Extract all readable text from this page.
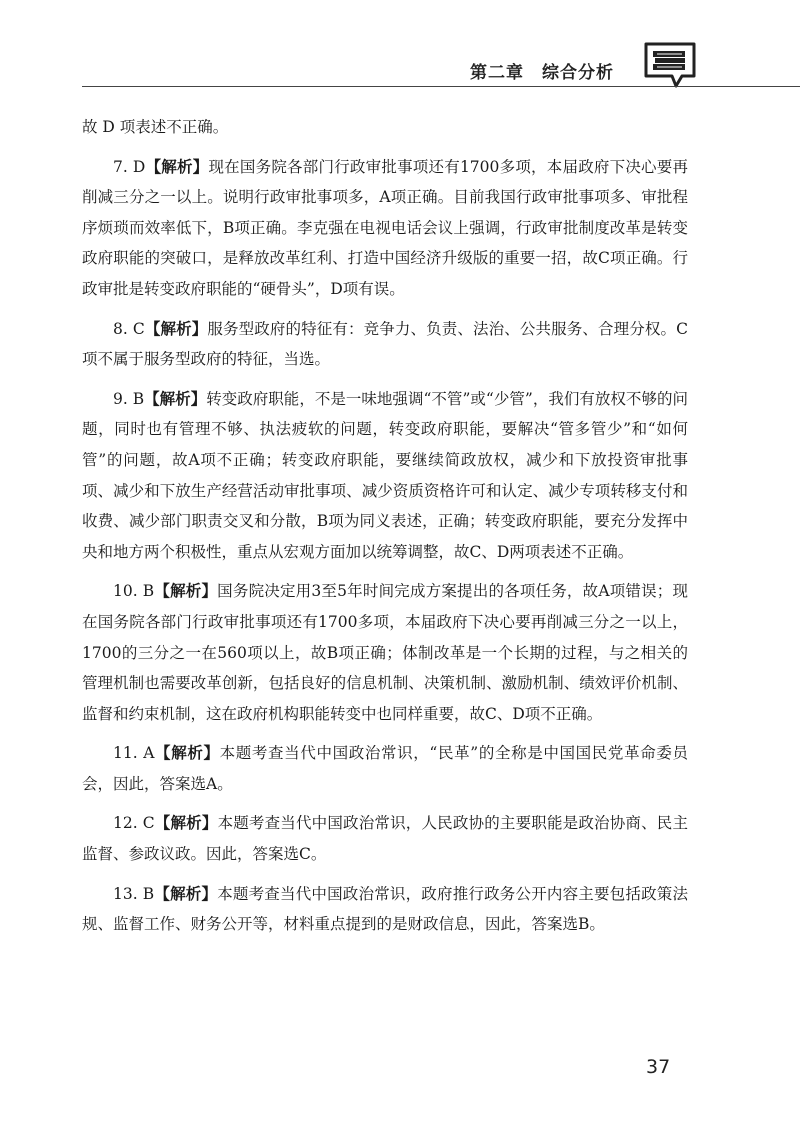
第二章　综合分析

故 D 项表述不正确。

7. D【解析】现在国务院各部门行政审批事项还有1700多项，本届政府下决心要再削减三分之一以上。说明行政审批事项多，A项正确。目前我国行政审批事项多、审批程序烦琐而效率低下，B项正确。李克强在电视电话会议上强调，行政审批制度改革是转变政府职能的突破口，是释放改革红利、打造中国经济升级版的重要一招，故C项正确。行政审批是转变政府职能的“硬骨头”，D项有误。

8. C【解析】服务型政府的特征有：竞争力、负责、法治、公共服务、合理分权。C项不属于服务型政府的特征，当选。

9. B【解析】转变政府职能，不是一味地强调“不管”或“少管”，我们有放权不够的问题，同时也有管理不够、执法疲软的问题，转变政府职能，要解决“管多管少”和“如何管”的问题，故A项不正确；转变政府职能，要继续简政放权，减少和下放投资审批事项、减少和下放生产经营活动审批事项、减少资质资格许可和认定、减少专项转移支付和收费、减少部门职责交叉和分散，B项为同义表述，正确；转变政府职能，要充分发挥中央和地方两个积极性，重点从宏观方面加以统筹调整，故C、D两项表述不正确。

10. B【解析】国务院决定用3至5年时间完成方案提出的各项任务，故A项错误；现在国务院各部门行政审批事项还有1700多项，本届政府下决心要再削减三分之一以上，1700的三分之一在560项以上，故B项正确；体制改革是一个长期的过程，与之相关的管理机制也需要改革创新，包括良好的信息机制、决策机制、激励机制、绩效评价机制、监督和约束机制，这在政府机构职能转变中也同样重要，故C、D项不正确。

11. A【解析】本题考查当代中国政治常识，“民革”的全称是中国国民党革命委员会，因此，答案选A。

12. C【解析】本题考查当代中国政治常识，人民政协的主要职能是政治协商、民主监督、参政议政。因此，答案选C。

13. B【解析】本题考查当代中国政治常识，政府推行政务公开内容主要包括政策法规、监督工作、财务公开等，材料重点提到的是财政信息，因此，答案选B。

37
